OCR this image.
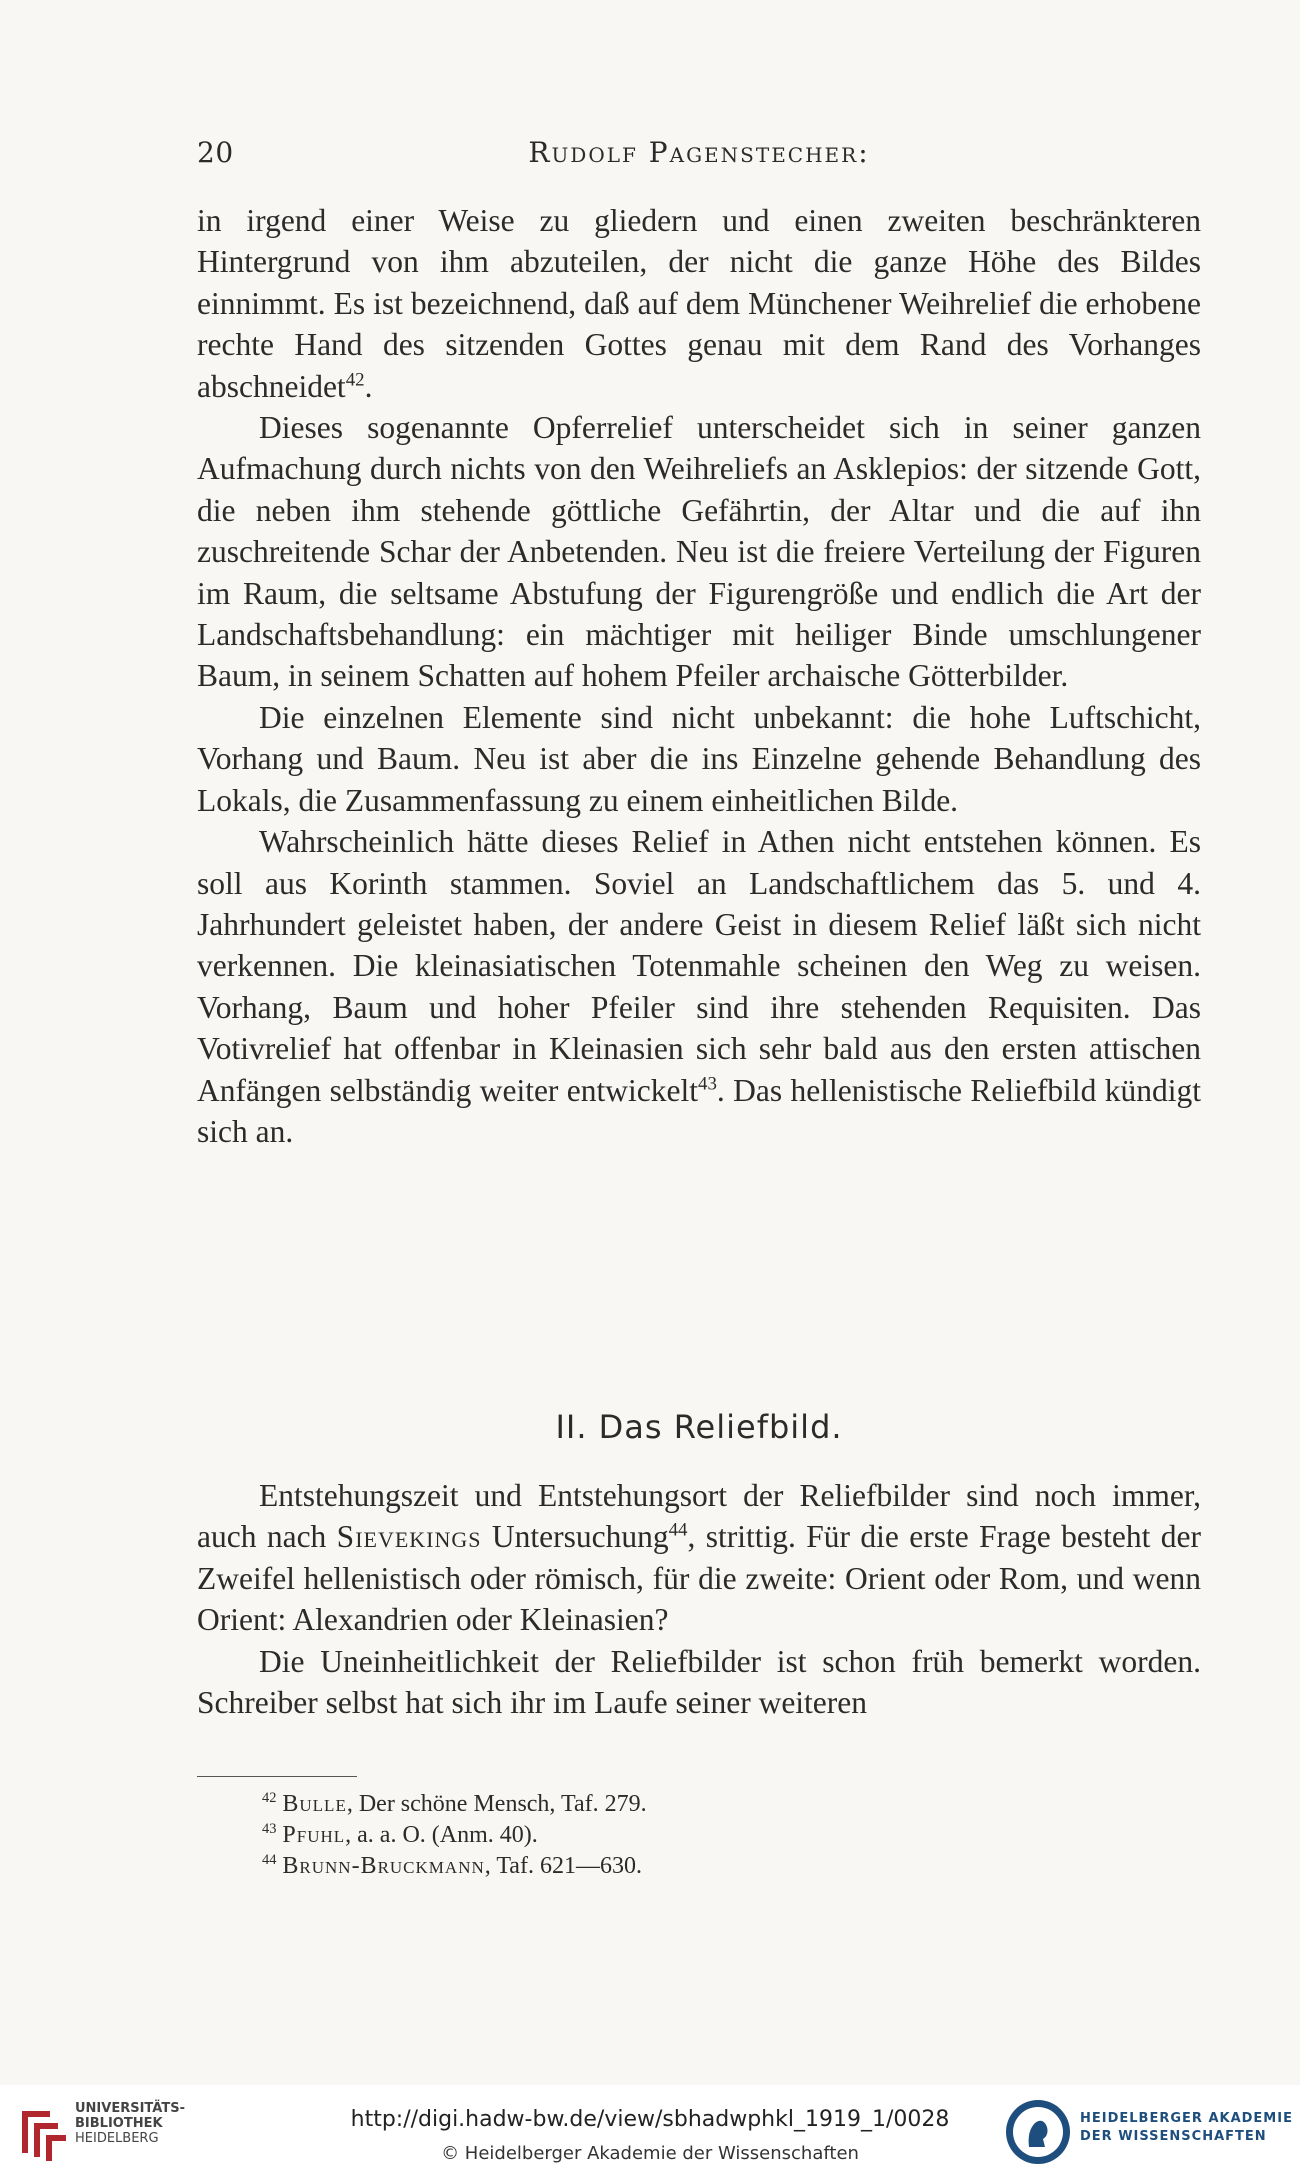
20	Rudolf Pagenstecher:

in irgend einer Weise zu gliedern und einen zweiten beschränkteren Hintergrund von ihm abzuteilen, der nicht die ganze Höhe des Bildes einnimmt. Es ist bezeichnend, daß auf dem Münchener Weihrelief die erhobene rechte Hand des sitzenden Gottes genau mit dem Rand des Vorhanges abschneidet$^{42}$.

Dieses sogenannte Opferrelief unterscheidet sich in seiner ganzen Aufmachung durch nichts von den Weihreliefs an Asklepios: der sitzende Gott, die neben ihm stehende göttliche Gefährtin, der Altar und die auf ihn zuschreitende Schar der Anbetenden. Neu ist die freiere Verteilung der Figuren im Raum, die seltsame Abstufung der Figurengröße und endlich die Art der Landschaftsbehandlung: ein mächtiger mit heiliger Binde umschlungener Baum, in seinem Schatten auf hohem Pfeiler archaische Götterbilder.

Die einzelnen Elemente sind nicht unbekannt: die hohe Luftschicht, Vorhang und Baum. Neu ist aber die ins Einzelne gehende Behandlung des Lokals, die Zusammenfassung zu einem einheitlichen Bilde.

Wahrscheinlich hätte dieses Relief in Athen nicht entstehen können. Es soll aus Korinth stammen. Soviel an Landschaftlichem das 5. und 4. Jahrhundert geleistet haben, der andere Geist in diesem Relief läßt sich nicht verkennen. Die kleinasiatischen Totenmahle scheinen den Weg zu weisen. Vorhang, Baum und hoher Pfeiler sind ihre stehenden Requisiten. Das Votivrelief hat offenbar in Kleinasien sich sehr bald aus den ersten attischen Anfängen selbständig weiter entwickelt$^{43}$. Das hellenistische Reliefbild kündigt sich an.

II. Das Reliefbild.

Entstehungszeit und Entstehungsort der Reliefbilder sind noch immer, auch nach Sievekings Untersuchung$^{44}$, strittig. Für die erste Frage besteht der Zweifel hellenistisch oder römisch, für die zweite: Orient oder Rom, und wenn Orient: Alexandrien oder Kleinasien?

Die Uneinheitlichkeit der Reliefbilder ist schon früh bemerkt worden. Schreiber selbst hat sich ihr im Laufe seiner weiteren

$^{42}$ Bulle, Der schöne Mensch, Taf. 279.
$^{43}$ Pfuhl, a. a. O. (Anm. 40).
$^{44}$ Brunn-Bruckmann, Taf. 621—630.
UNIVERSITÄTS-
BIBLIOTHEK
HEIDELBERG
http://digi.hadw-bw.de/view/sbhadwphkl_1919_1/0028
© Heidelberger Akademie der Wissenschaften
HEIDELBERGER AKADEMIE
DER WISSENSCHAFTEN
